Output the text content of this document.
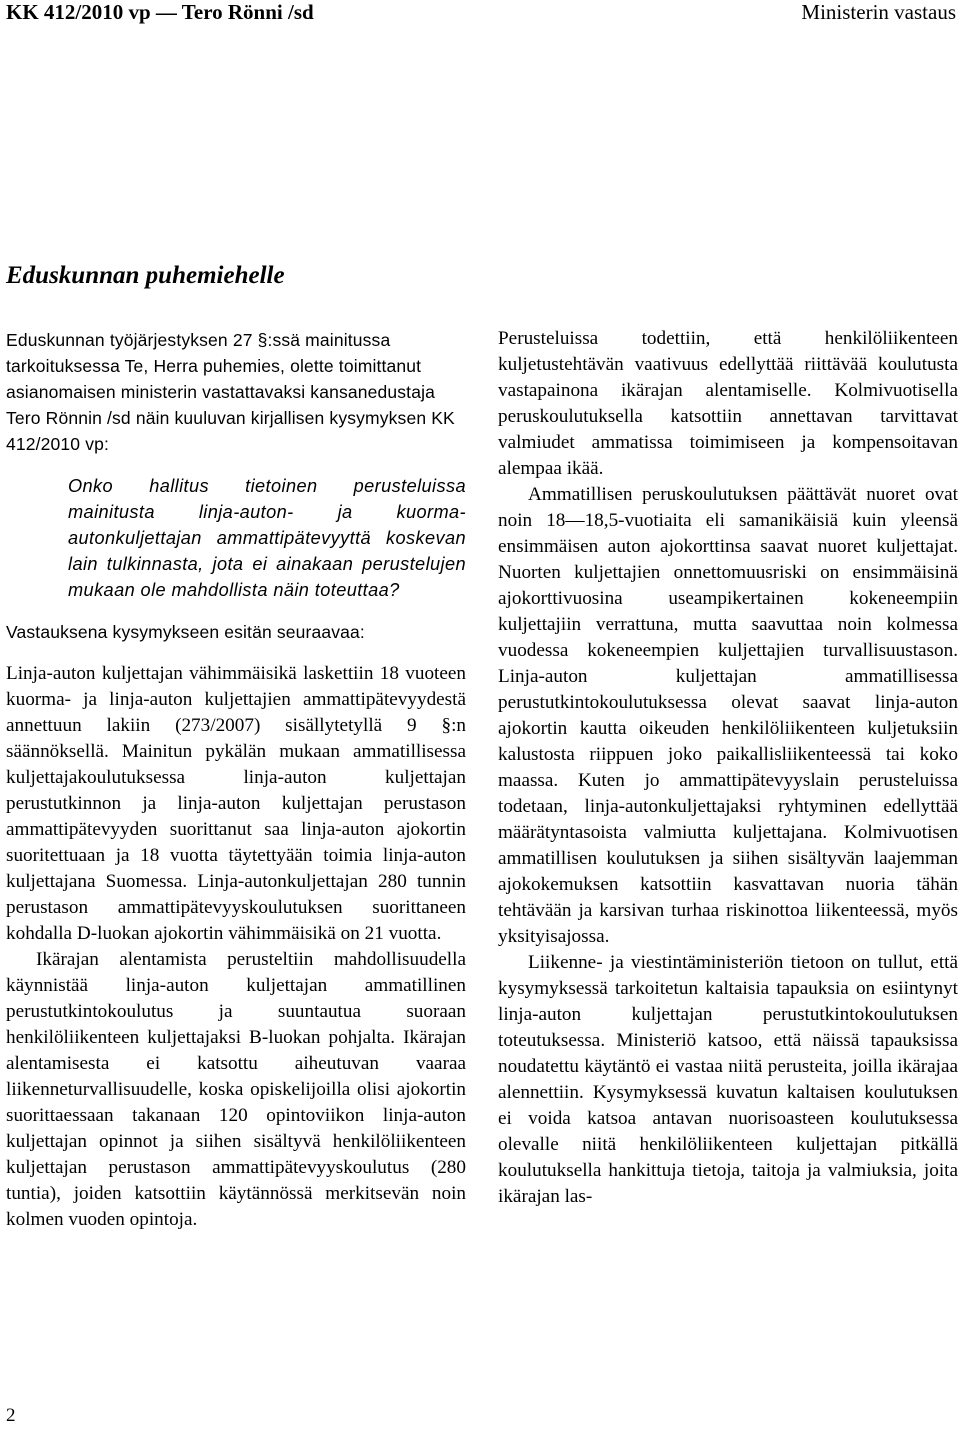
KK 412/2010 vp — Tero Rönni /sd	Ministerin vastaus
Eduskunnan puhemiehelle

Eduskunnan työjärjestyksen 27 §:ssä mainitussa tarkoituksessa Te, Herra puhemies, olette toimittanut asianomaisen ministerin vastattavaksi kansanedustaja Tero Rönnin /sd näin kuuluvan kirjallisen kysymyksen KK 412/2010 vp:

Onko hallitus tietoinen perusteluissa mainitusta linja-auton- ja kuorma-autonkuljettajan ammattipätevyyttä koskevan lain tulkinnasta, jota ei ainakaan perustelujen mukaan ole mahdollista näin toteuttaa?

Vastauksena kysymykseen esitän seuraavaa:

Linja-auton kuljettajan vähimmäisikä laskettiin 18 vuoteen kuorma- ja linja-auton kuljettajien ammattipätevyydestä annettuun lakiin (273/2007) sisällytetyllä 9 §:n säännöksellä. Mainitun pykälän mukaan ammatillisessa kuljettajakoulutuksessa linja-auton kuljettajan perustutkinnon ja linja-auton kuljettajan perustason ammattipätevyyden suorittanut saa linja-auton ajokortin suoritettuaan ja 18 vuotta täytettyään toimia linja-auton kuljettajana Suomessa. Linja-autonkuljettajan 280 tunnin perustason ammattipätevyyskoulutuksen suorittaneen kohdalla D-luokan ajokortin vähimmäisikä on 21 vuotta.

Ikärajan alentamista perusteltiin mahdollisuudella käynnistää linja-auton kuljettajan ammatillinen perustutkintokoulutus ja suuntautua suoraan henkilöliikenteen kuljettajaksi B-luokan pohjalta. Ikärajan alentamisesta ei katsottu aiheutuvan vaaraa liikenneturvallisuudelle, koska opiskelijoilla olisi ajokortin suorittaessaan takanaan 120 opintoviikon linja-auton kuljettajan opinnot ja siihen sisältyvä henkilöliikenteen kuljettajan perustason ammattipätevyyskoulutus (280 tuntia), joiden katsottiin käytännössä merkitsevän noin kolmen vuoden opintoja.

Perusteluissa todettiin, että henkilöliikenteen kuljetustehtävän vaativuus edellyttää riittävää koulutusta vastapainona ikärajan alentamiselle. Kolmivuotisella peruskoulutuksella katsottiin annettavan tarvittavat valmiudet ammatissa toimimiseen ja kompensoitavan alempaa ikää.

Ammatillisen peruskoulutuksen päättävät nuoret ovat noin 18—18,5-vuotiaita eli samanikäisiä kuin yleensä ensimmäisen auton ajokorttinsa saavat nuoret kuljettajat. Nuorten kuljettajien onnettomuusriski on ensimmäisinä ajokorttivuosina useampikertainen kokeneempiin kuljettajiin verrattuna, mutta saavuttaa noin kolmessa vuodessa kokeneempien kuljettajien turvallisuustason. Linja-auton kuljettajan ammatillisessa perustutkintokoulutuksessa olevat saavat linja-auton ajokortin kautta oikeuden henkilöliikenteen kuljetuksiin kalustosta riippuen joko paikallisliikenteessä tai koko maassa. Kuten jo ammattipätevyyslain perusteluissa todetaan, linja-autonkuljettajaksi ryhtyminen edellyttää määrätyntasoista valmiutta kuljettajana. Kolmivuotisen ammatillisen koulutuksen ja siihen sisältyvän laajemman ajokokemuksen katsottiin kasvattavan nuoria tähän tehtävään ja karsivan turhaa riskinottoa liikenteessä, myös yksityisajossa.

Liikenne- ja viestintäministeriön tietoon on tullut, että kysymyksessä tarkoitetun kaltaisia tapauksia on esiintynyt linja-auton kuljettajan perustutkintokoulutuksen toteutuksessa. Ministeriö katsoo, että näissä tapauksissa noudatettu käytäntö ei vastaa niitä perusteita, joilla ikärajaa alennettiin. Kysymyksessä kuvatun kaltaisen koulutuksen ei voida katsoa antavan nuorisoasteen koulutuksessa olevalle niitä henkilöliikenteen kuljettajan pitkällä koulutuksella hankittuja tietoja, taitoja ja valmiuksia, joita ikärajan las-

2
